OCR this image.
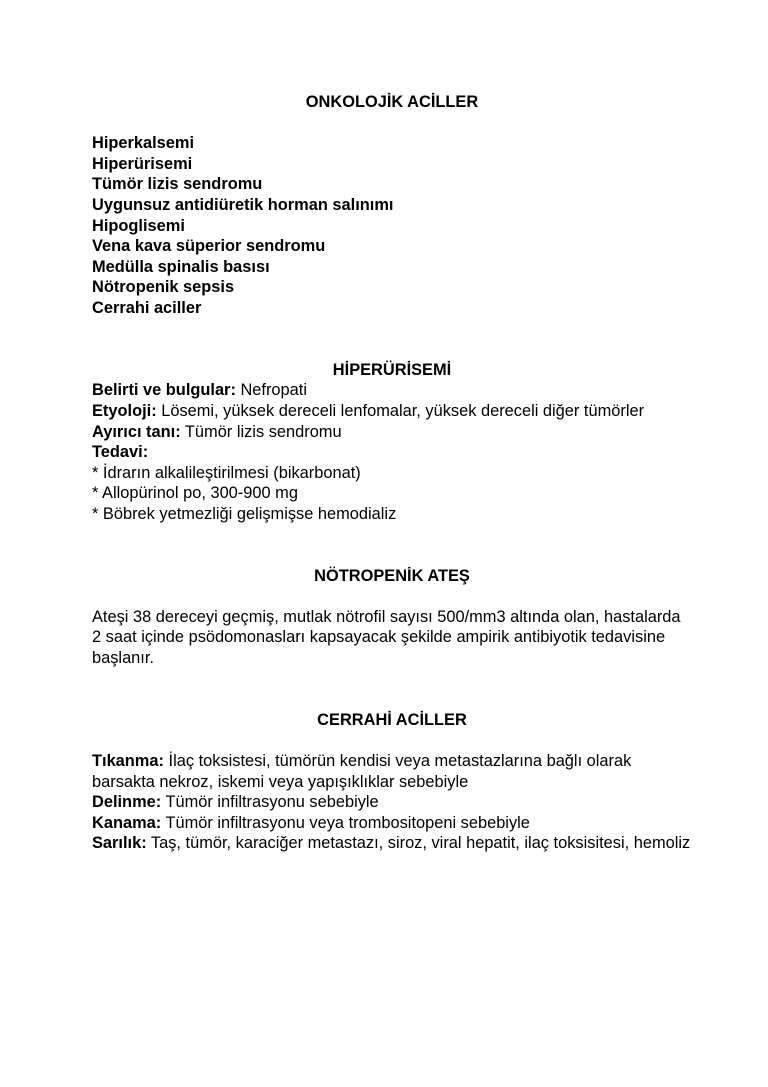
ONKOLOJİK ACİLLER

Hiperkalsemi

Hiperürisemi

Tümör lizis sendromu

Uygunsuz antidiüretik horman salınımı

Hipoglisemi

Vena kava süperior sendromu

Medülla spinalis basısı

Nötropenik sepsis

Cerrahi aciller

HİPERÜRİSEMİ

Belirti ve bulgular: Nefropati

Etyoloji: Lösemi, yüksek dereceli lenfomalar, yüksek dereceli diğer tümörler

Ayırıcı tanı: Tümör lizis sendromu

Tedavi:

* İdrarın alkalileştirilmesi (bikarbonat)

* Allopürinol po, 300-900 mg

* Böbrek yetmezliği gelişmişse hemodializ

NÖTROPENİK ATEŞ

Ateşi 38 dereceyi geçmiş, mutlak nötrofil sayısı 500/mm3 altında olan, hastalarda 2 saat içinde psödomonasları kapsayacak şekilde ampirik antibiyotik tedavisine başlanır.

CERRAHİ ACİLLER

Tıkanma: İlaç toksistesi, tümörün kendisi veya metastazlarına bağlı olarak barsakta nekroz, iskemi veya yapışıklıklar sebebiyle

Delinme: Tümör infiltrasyonu sebebiyle

Kanama: Tümör infiltrasyonu veya trombositopeni sebebiyle

Sarılık: Taş, tümör, karaciğer metastazı, siroz, viral hepatit, ilaç toksisitesi, hemoliz
